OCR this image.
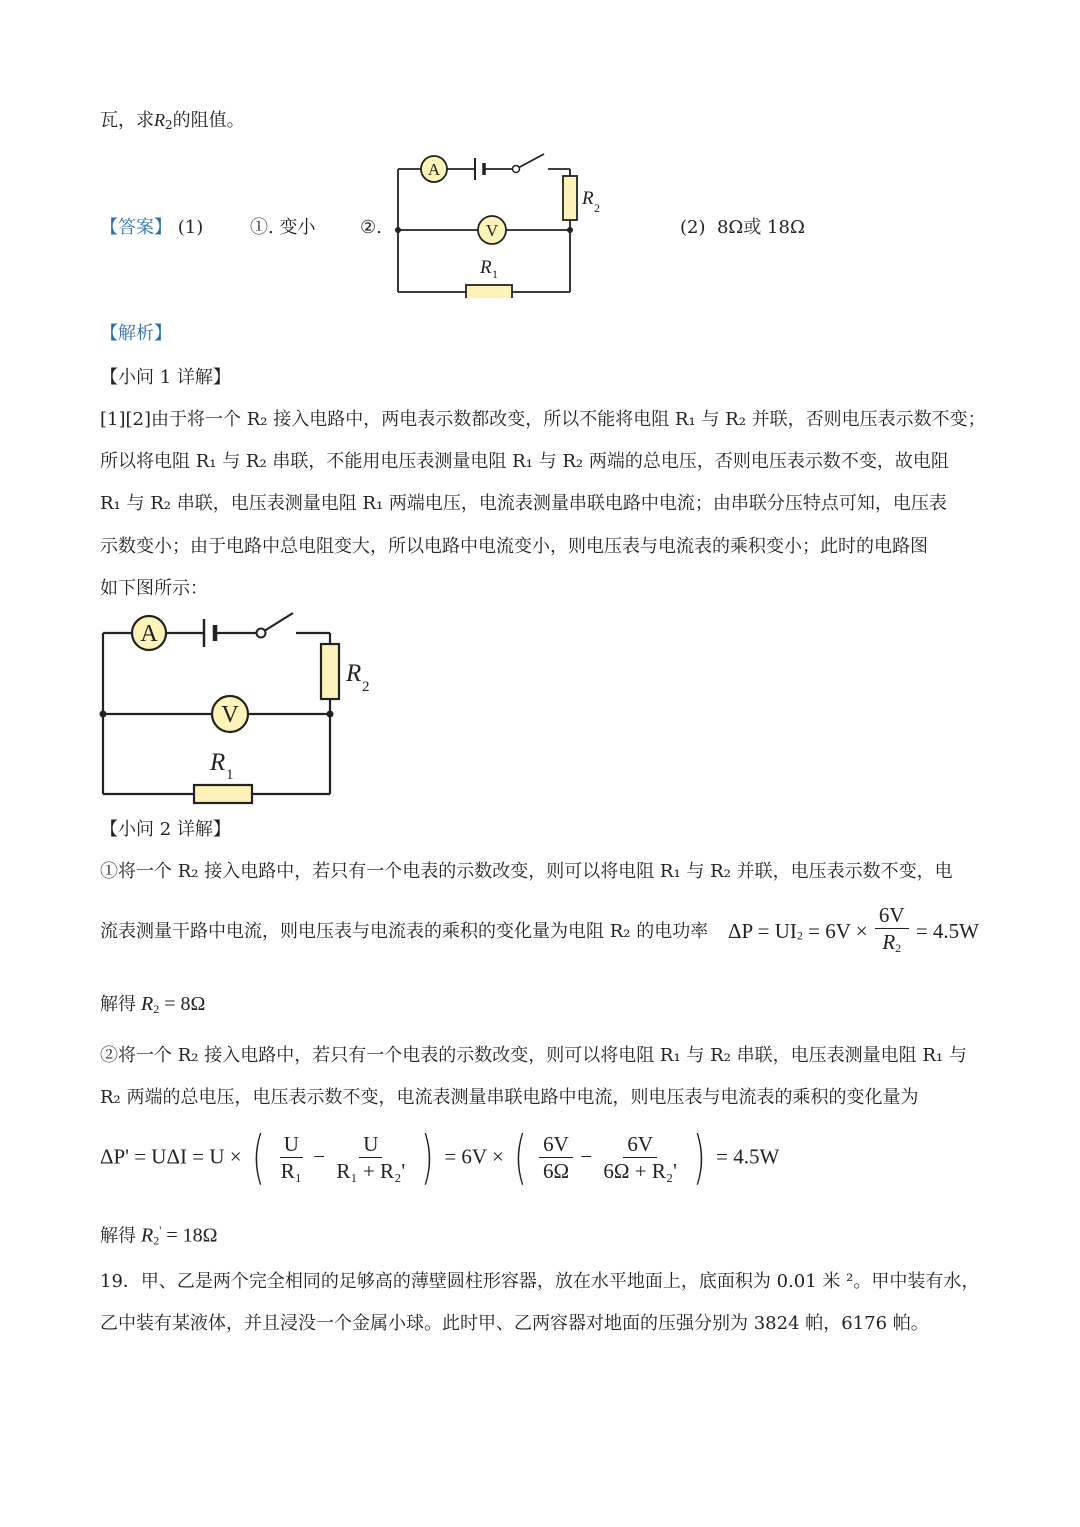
瓦，求$R_2$的阻值。
【答案】 (1)	①. 变小 ②.	(2) 8Ω或 18Ω
A
V
R 2
R 1
【解析】
【小问 1 详解】
[1][2]由于将一个 R₂ 接入电路中，两电表示数都改变，所以不能将电阻 R₁ 与 R₂ 并联，否则电压表示数不变；
所以将电阻 R₁ 与 R₂ 串联，不能用电压表测量电阻 R₁ 与 R₂ 两端的总电压，否则电压表示数不变，故电阻
R₁ 与 R₂ 串联，电压表测量电阻 R₁ 两端电压，电流表测量串联电路中电流；由串联分压特点可知，电压表
示数变小；由于电路中总电阻变大，所以电路中电流变小，则电压表与电流表的乘积变小；此时的电路图
如下图所示：
A
V
R 2
R 1
【小问 2 详解】
①将一个 R₂ 接入电路中，若只有一个电表的示数改变，则可以将电阻 R₁ 与 R₂ 并联，电压表示数不变，电
流表测量干路中电流，则电压表与电流表的乘积的变化量为电阻 R₂ 的电功率 $\Delta P = UI_2 = 6V \times \frac{6V}{R_2} = 4.5W$
解得 $R_2 = 8\Omega$
②将一个 R₂ 接入电路中，若只有一个电表的示数改变，则可以将电阻 R₁ 与 R₂ 串联，电压表测量电阻 R₁ 与
R₂ 两端的总电压，电压表示数不变，电流表测量串联电路中电流，则电压表与电流表的乘积的变化量为
ΔP' = UΔI = U × ( $\frac{U}{\text{R₁}} - \frac{U}{\text{R₁ + R₂'}}$ ) = 6V × ( $\frac{6V}{6\Omega} - \frac{6V}{\text{6Ω + R₂'}}$ ) = 4.5W
解得 $R_2' = 18\Omega$
19．甲、乙是两个完全相同的足够高的薄壁圆柱形容器，放在水平地面上，底面积为 0.01 米 ²。甲中装有水，
乙中装有某液体，并且浸没一个金属小球。此时甲、乙两容器对地面的压强分别为 3824 帕，6176 帕。
